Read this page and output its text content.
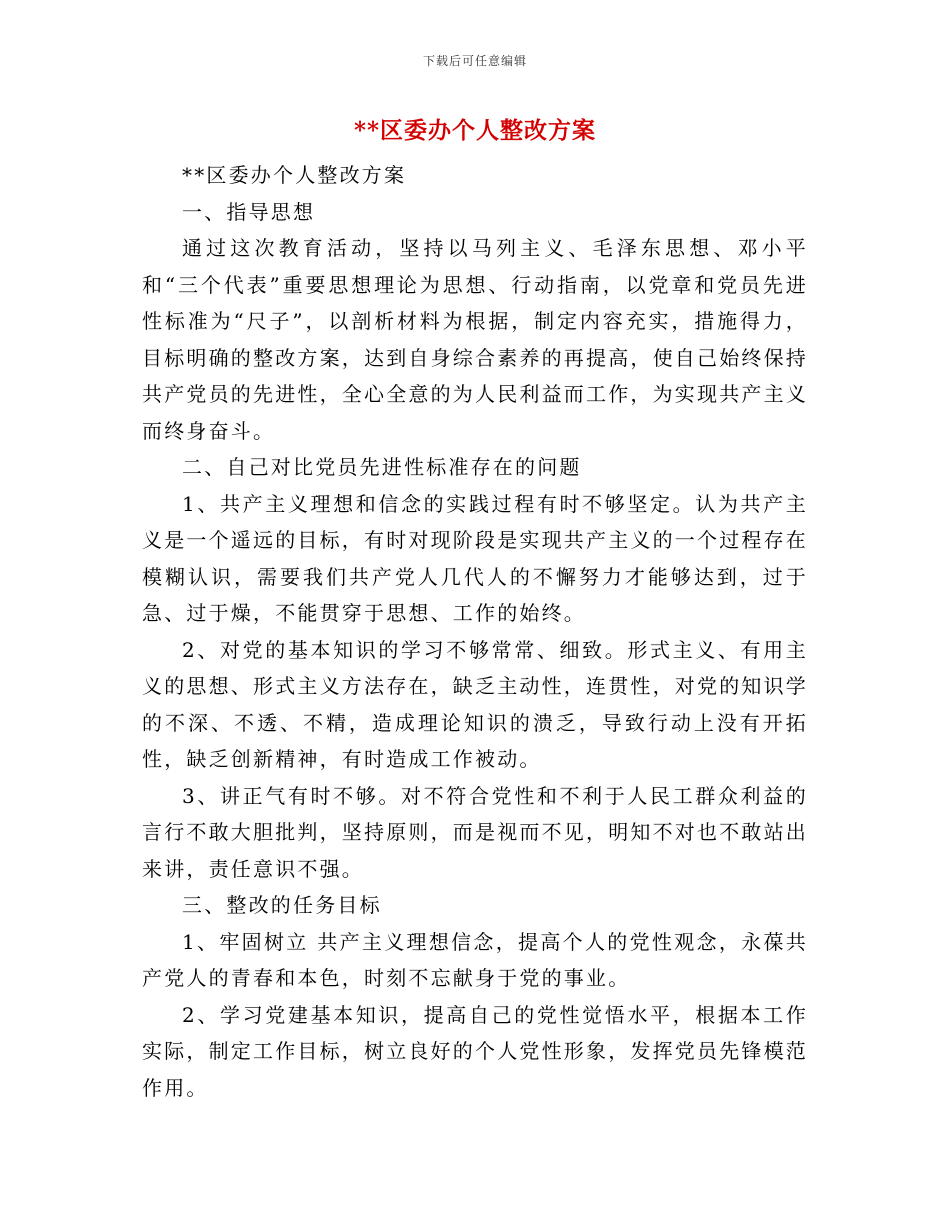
下载后可任意编辑
**区委办个人整改方案

**区委办个人整改方案

一、指导思想

通过这次教育活动，坚持以马列主义、毛泽东思想、邓小平和“三个代表”重要思想理论为思想、行动指南，以党章和党员先进性标准为“尺子”，以剖析材料为根据，制定内容充实，措施得力，目标明确的整改方案，达到自身综合素养的再提高，使自己始终保持共产党员的先进性，全心全意的为人民利益而工作，为实现共产主义而终身奋斗。

二、自己对比党员先进性标准存在的问题

1、共产主义理想和信念的实践过程有时不够坚定。认为共产主义是一个遥远的目标，有时对现阶段是实现共产主义的一个过程存在模糊认识，需要我们共产党人几代人的不懈努力才能够达到，过于急、过于燥，不能贯穿于思想、工作的始终。

2、对党的基本知识的学习不够常常、细致。形式主义、有用主义的思想、形式主义方法存在，缺乏主动性，连贯性，对党的知识学的不深、不透、不精，造成理论知识的溃乏，导致行动上没有开拓性，缺乏创新精神，有时造成工作被动。

3、讲正气有时不够。对不符合党性和不利于人民工群众利益的言行不敢大胆批判，坚持原则，而是视而不见，明知不对也不敢站出来讲，责任意识不强。

三、整改的任务目标

1、牢固树立 共产主义理想信念，提高个人的党性观念，永葆共产党人的青春和本色，时刻不忘献身于党的事业。

2、学习党建基本知识，提高自己的党性觉悟水平，根据本工作实际，制定工作目标，树立良好的个人党性形象，发挥党员先锋模范作用。
